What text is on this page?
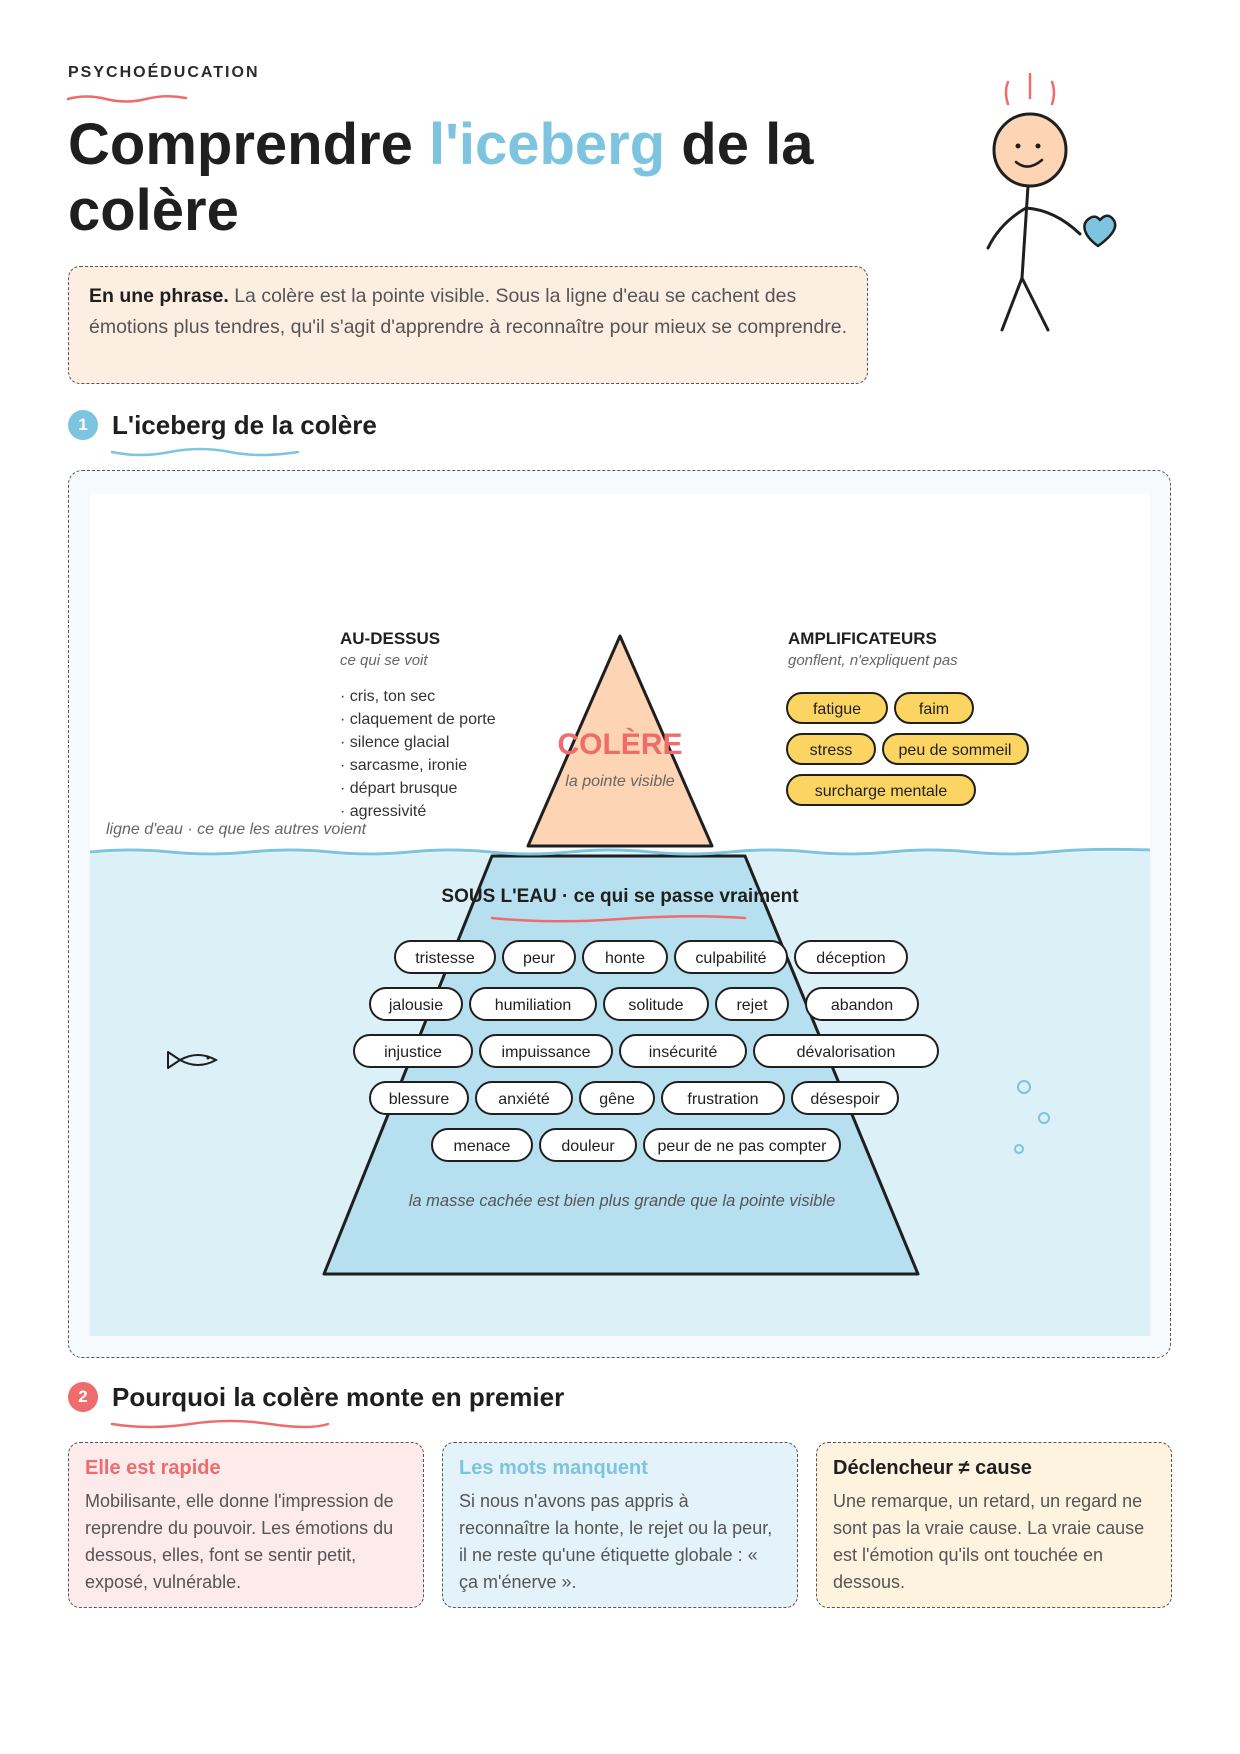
PSYCHOÉDUCATION
Comprendre l'iceberg de la colère
En une phrase. La colère est la pointe visible. Sous la ligne d'eau se cachent des émotions plus tendres, qu'il s'agit d'apprendre à reconnaître pour mieux se comprendre.
1 L'iceberg de la colère
AU-DESSUS
ce qui se voit
· cris, ton sec
· claquement de porte
· silence glacial
· sarcasme, ironie
· départ brusque
· agressivité
ligne d'eau · ce que les autres voient
COLÈRE
la pointe visible
AMPLIFICATEURS
gonflent, n'expliquent pas
fatigue	faim
stress	peu de sommeil
surcharge mentale
SOUS L'EAU · ce qui se passe vraiment
tristesse	peur	honte	culpabilité	déception
jalousie	humiliation	solitude	rejet	abandon
injustice	impuissance	insécurité	dévalorisation
blessure	anxiété	gêne	frustration	désespoir
menace	douleur	peur de ne pas compter
la masse cachée est bien plus grande que la pointe visible
2 Pourquoi la colère monte en premier
Elle est rapide
Mobilisante, elle donne l'impression de reprendre du pouvoir. Les émotions du dessous, elles, font se sentir petit, exposé, vulnérable.
Les mots manquent
Si nous n'avons pas appris à reconnaître la honte, le rejet ou la peur, il ne reste qu'une étiquette globale : « ça m'énerve ».
Déclencheur ≠ cause
Une remarque, un retard, un regard ne sont pas la vraie cause. La vraie cause est l'émotion qu'ils ont touchée en dessous.
